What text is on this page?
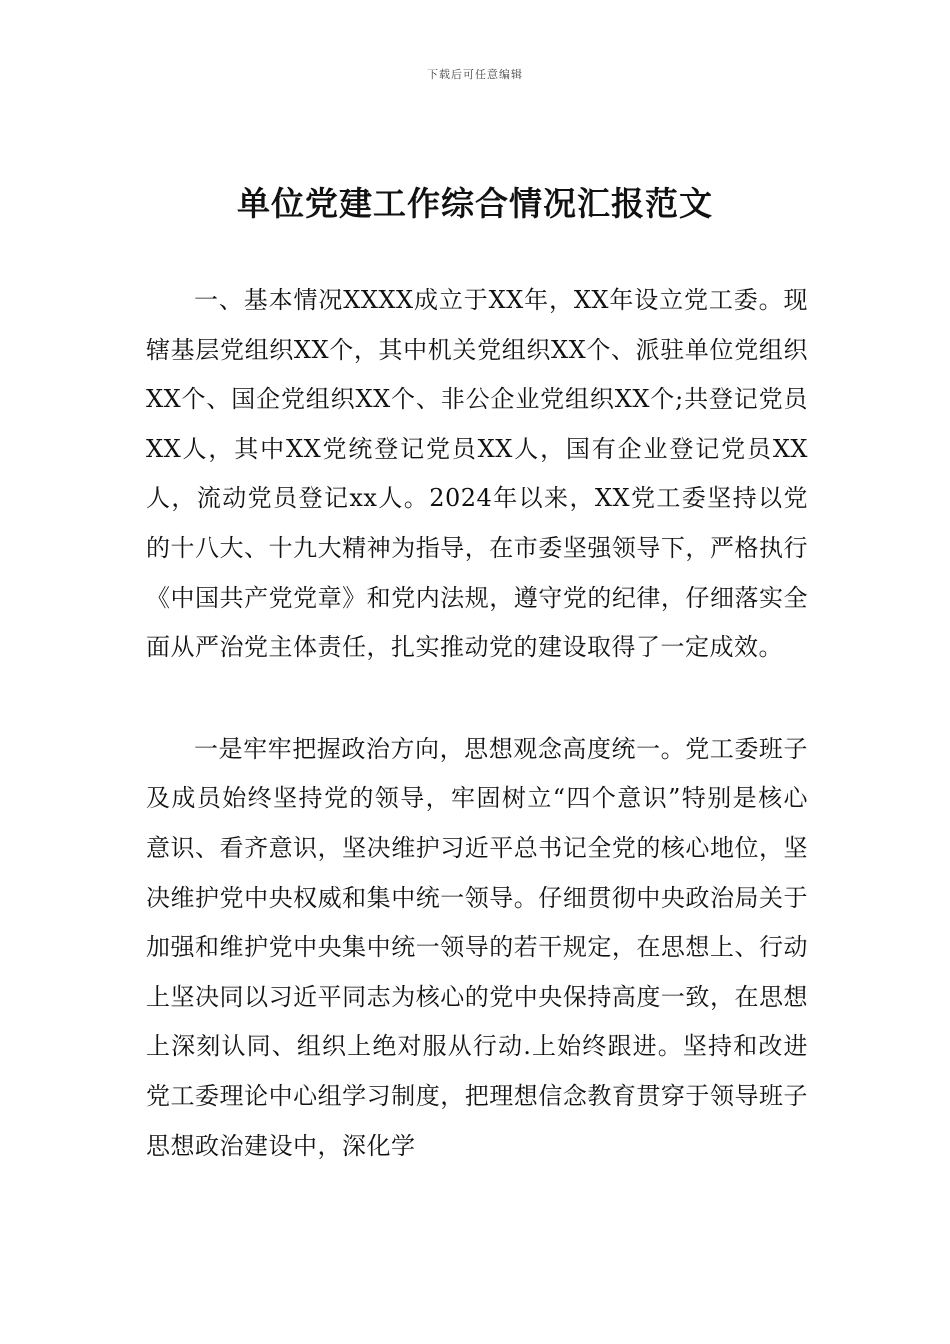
下载后可任意编辑
单位党建工作综合情况汇报范文

一、基本情况XXXX成立于XX年，XX年设立党工委。现辖基层党组织XX个，其中机关党组织XX个、派驻单位党组织XX个、国企党组织XX个、非公企业党组织XX个;共登记党员XX人，其中XX党统登记党员XX人，国有企业登记党员XX人，流动党员登记xx人。2024年以来，XX党工委坚持以党的十八大、十九大精神为指导，在市委坚强领导下，严格执行《中国共产党党章》和党内法规，遵守党的纪律，仔细落实全面从严治党主体责任，扎实推动党的建设取得了一定成效。

一是牢牢把握政治方向，思想观念高度统一。党工委班子及成员始终坚持党的领导，牢固树立“四个意识”特别是核心意识、看齐意识，坚决维护习近平总书记全党的核心地位，坚决维护党中央权威和集中统一领导。仔细贯彻中央政治局关于加强和维护党中央集中统一领导的若干规定，在思想上、行动上坚决同以习近平同志为核心的党中央保持高度一致，在思想上深刻认同、组织上绝对服从行动.上始终跟进。坚持和改进党工委理论中心组学习制度，把理想信念教育贯穿于领导班子思想政治建设中，深化学
